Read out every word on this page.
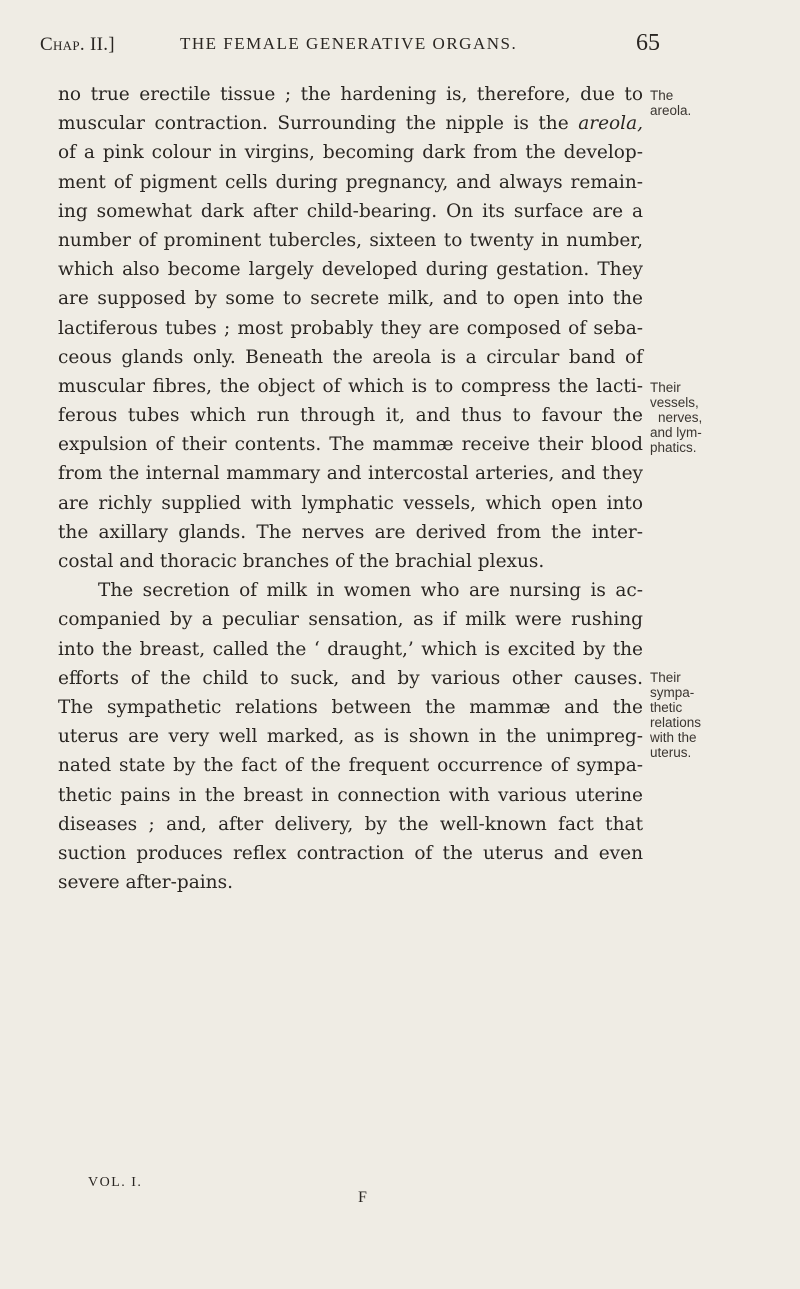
Chap. II.]	THE FEMALE GENERATIVE ORGANS.	65
no true erectile tissue ; the hardening is, therefore, due to
muscular contraction. Surrounding the nipple is the areola,
of a pink colour in virgins, becoming dark from the develop-
ment of pigment cells during pregnancy, and always remain-
ing somewhat dark after child-bearing. On its surface are a
number of prominent tubercles, sixteen to twenty in number,
which also become largely developed during gestation. They
are supposed by some to secrete milk, and to open into the
lactiferous tubes ; most probably they are composed of seba-
ceous glands only. Beneath the areola is a circular band of
muscular fibres, the object of which is to compress the lacti-
ferous tubes which run through it, and thus to favour the
expulsion of their contents. The mammæ receive their blood
from the internal mammary and intercostal arteries, and they
are richly supplied with lymphatic vessels, which open into
the axillary glands. The nerves are derived from the inter-
costal and thoracic branches of the brachial plexus.
The secretion of milk in women who are nursing is ac-
companied by a peculiar sensation, as if milk were rushing
into the breast, called the ‘ draught,’ which is excited by the
efforts of the child to suck, and by various other causes.
The sympathetic relations between the mammæ and the
uterus are very well marked, as is shown in the unimpreg-
nated state by the fact of the frequent occurrence of sympa-
thetic pains in the breast in connection with various uterine
diseases ; and, after delivery, by the well-known fact that
suction produces reflex contraction of the uterus and even
severe after-pains.
The
areola.
Their
vessels,
nerves,
and lym-
phatics.
Their
sympa-
thetic
relations
with the
uterus.
VOL. I.
F
